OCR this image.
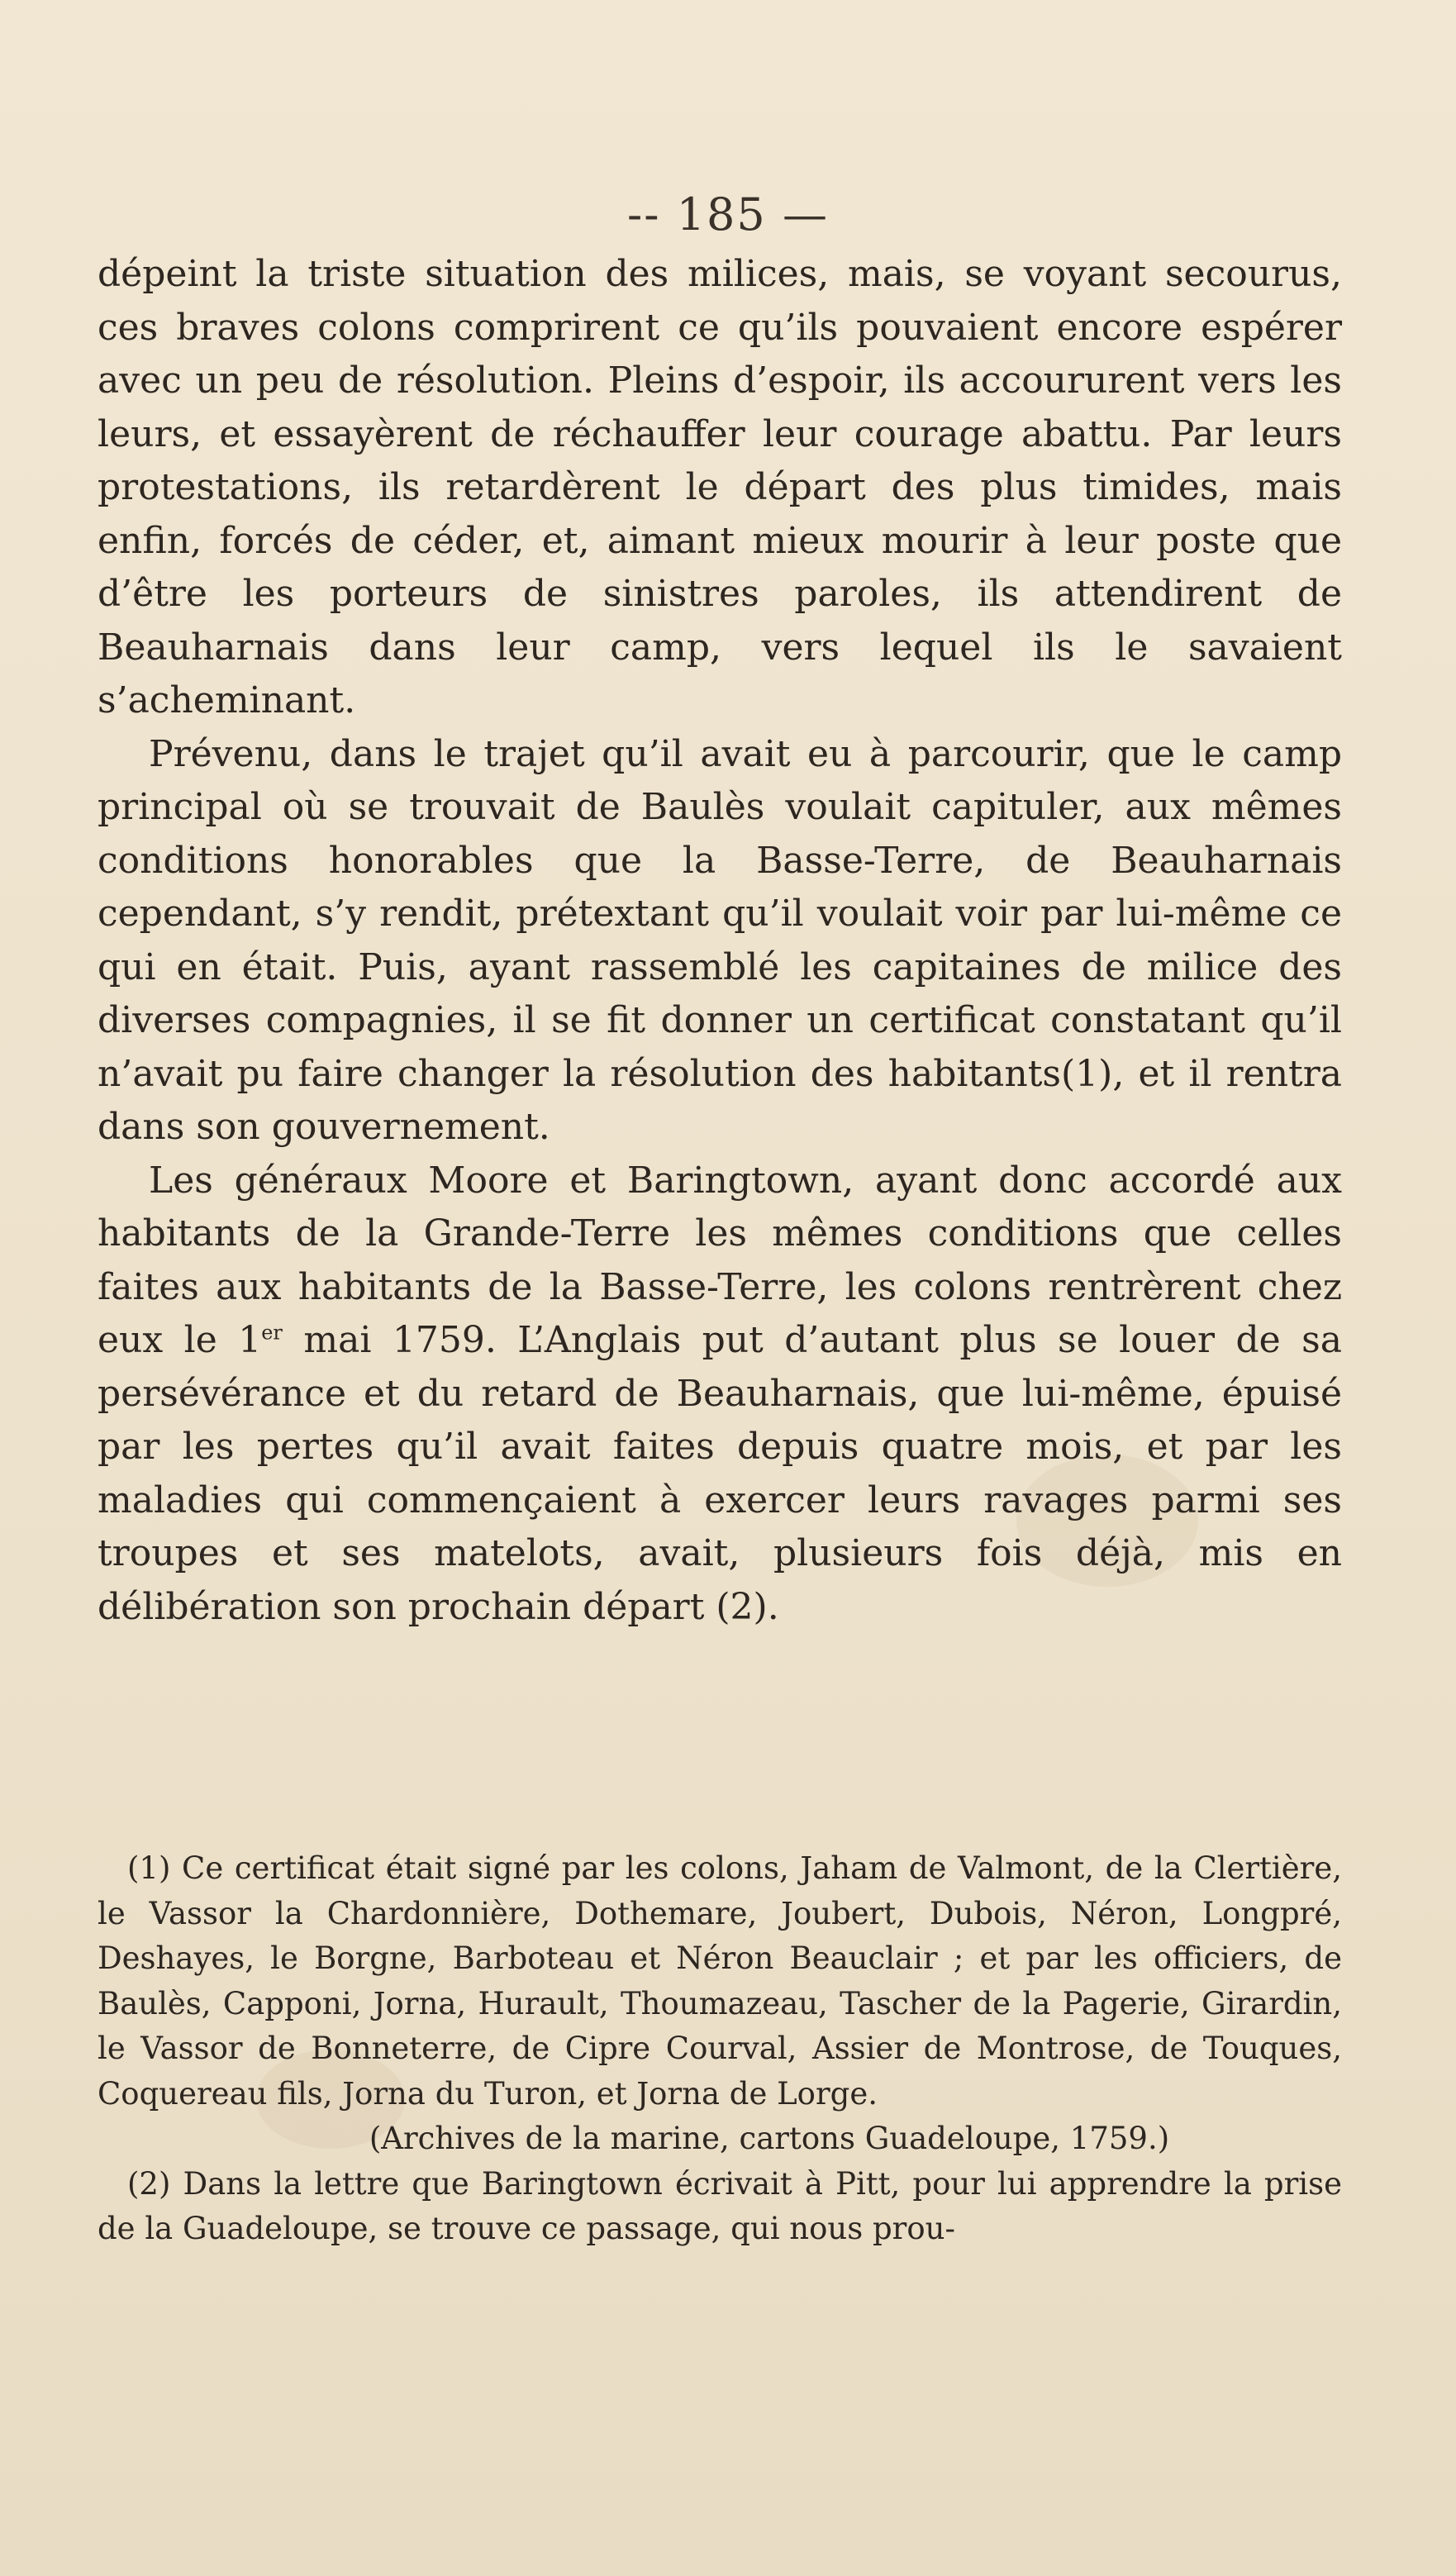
-- 185 —

dépeint la triste situation des milices, mais, se voyant secourus, ces braves colons comprirent ce qu’ils pouvaient encore espérer avec un peu de résolution. Pleins d’espoir, ils accoururent vers les leurs, et essayèrent de réchauffer leur courage abattu. Par leurs protestations, ils retardèrent le départ des plus timides, mais enfin, forcés de céder, et, aimant mieux mourir à leur poste que d’être les porteurs de sinistres paroles, ils attendirent de Beauharnais dans leur camp, vers lequel ils le savaient s’acheminant.

Prévenu, dans le trajet qu’il avait eu à parcourir, que le camp principal où se trouvait de Baulès voulait capituler, aux mêmes conditions honorables que la Basse-Terre, de Beauharnais cependant, s’y rendit, prétextant qu’il voulait voir par lui-même ce qui en était. Puis, ayant rassemblé les capitaines de milice des diverses compagnies, il se fit donner un certificat constatant qu’il n’avait pu faire changer la résolution des habitants(1), et il rentra dans son gouvernement.

Les généraux Moore et Baringtown, ayant donc accordé aux habitants de la Grande-Terre les mêmes conditions que celles faites aux habitants de la Basse-Terre, les colons rentrèrent chez eux le 1er mai 1759. L’Anglais put d’autant plus se louer de sa persévérance et du retard de Beauharnais, que lui-même, épuisé par les pertes qu’il avait faites depuis quatre mois, et par les maladies qui commençaient à exercer leurs ravages parmi ses troupes et ses matelots, avait, plusieurs fois déjà, mis en délibération son prochain départ (2).

(1) Ce certificat était signé par les colons, Jaham de Valmont, de la Clertière, le Vassor la Chardonnière, Dothemare, Joubert, Dubois, Néron, Longpré, Deshayes, le Borgne, Barboteau et Néron Beauclair ; et par les officiers, de Baulès, Capponi, Jorna, Hurault, Thoumazeau, Tascher de la Pagerie, Girardin, le Vassor de Bonneterre, de Cipre Courval, Assier de Montrose, de Touques, Coquereau fils, Jorna du Turon, et Jorna de Lorge.

(Archives de la marine, cartons Guadeloupe, 1759.)

(2) Dans la lettre que Baringtown écrivait à Pitt, pour lui apprendre la prise de la Guadeloupe, se trouve ce passage, qui nous prou-
